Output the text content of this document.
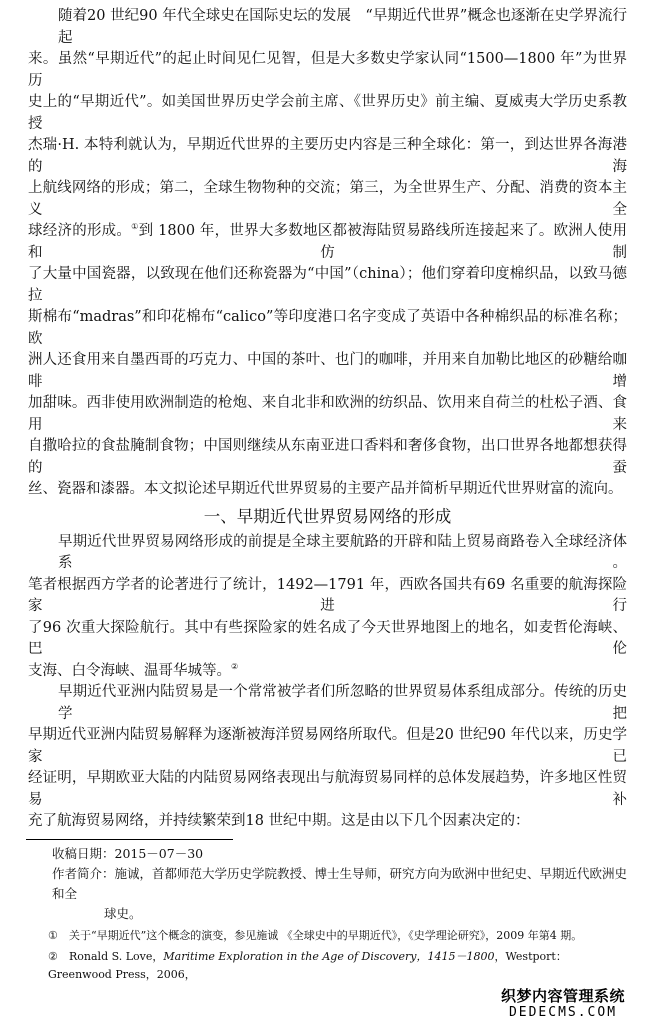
随着20 世纪90 年代全球史在国际史坛的发展　“早期近代世界”概念也逐渐在史学界流行起
来。虽然“早期近代”的起止时间见仁见智，但是大多数史学家认同“1500—1800 年”为世界历
史上的“早期近代”。如美国世界历史学会前主席、《世界历史》前主编、夏威夷大学历史系教授
杰瑞·H. 本特利就认为，早期近代世界的主要历史内容是三种全球化：第一，到达世界各海港的海
上航线网络的形成；第二，全球生物物种的交流；第三，为全世界生产、分配、消费的资本主义全
球经济的形成。①到 1800 年，世界大多数地区都被海陆贸易路线所连接起来了。欧洲人使用和仿制
了大量中国瓷器，以致现在他们还称瓷器为“中国”（china）；他们穿着印度棉织品，以致马德拉
斯棉布“madras”和印花棉布“calico”等印度港口名字变成了英语中各种棉织品的标准名称；欧
洲人还食用来自墨西哥的巧克力、中国的茶叶、也门的咖啡，并用来自加勒比地区的砂糖给咖啡增
加甜味。西非使用欧洲制造的枪炮、来自北非和欧洲的纺织品、饮用来自荷兰的杜松子酒、食用来
自撒哈拉的食盐腌制食物；中国则继续从东南亚进口香料和奢侈食物，出口世界各地都想获得的蚕
丝、瓷器和漆器。本文拟论述早期近代世界贸易的主要产品并简析早期近代世界财富的流向。
一、早期近代世界贸易网络的形成
早期近代世界贸易网络形成的前提是全球主要航路的开辟和陆上贸易商路卷入全球经济体系。
笔者根据西方学者的论著进行了统计，1492—1791 年，西欧各国共有69 名重要的航海探险家进行
了96 次重大探险航行。其中有些探险家的姓名成了今天世界地图上的地名，如麦哲伦海峡、巴伦
支海、白令海峡、温哥华城等。②
早期近代亚洲内陆贸易是一个常常被学者们所忽略的世界贸易体系组成部分。传统的历史学把
早期近代亚洲内陆贸易解释为逐渐被海洋贸易网络所取代。但是20 世纪90 年代以来，历史学家已
经证明，早期欧亚大陆的内陆贸易网络表现出与航海贸易同样的总体发展趋势，许多地区性贸易补
充了航海贸易网络，并持续繁荣到18 世纪中期。这是由以下几个因素决定的：
收稿日期：2015－07－30
作者简介：施诚，首都师范大学历史学院教授、博士生导师，研究方向为欧洲中世纪史、早期近代欧洲史和全
球史。
① 关于“早期近代”这个概念的演变，参见施诚 《全球史中的早期近代》，《史学理论研究》，2009 年第4 期。
② Ronald S. Love，Maritime Exploration in the Age of Discovery，1415－1800，Westport：Greenwood Press，2006，
织梦内容管理系统
DEDECMS.COM
